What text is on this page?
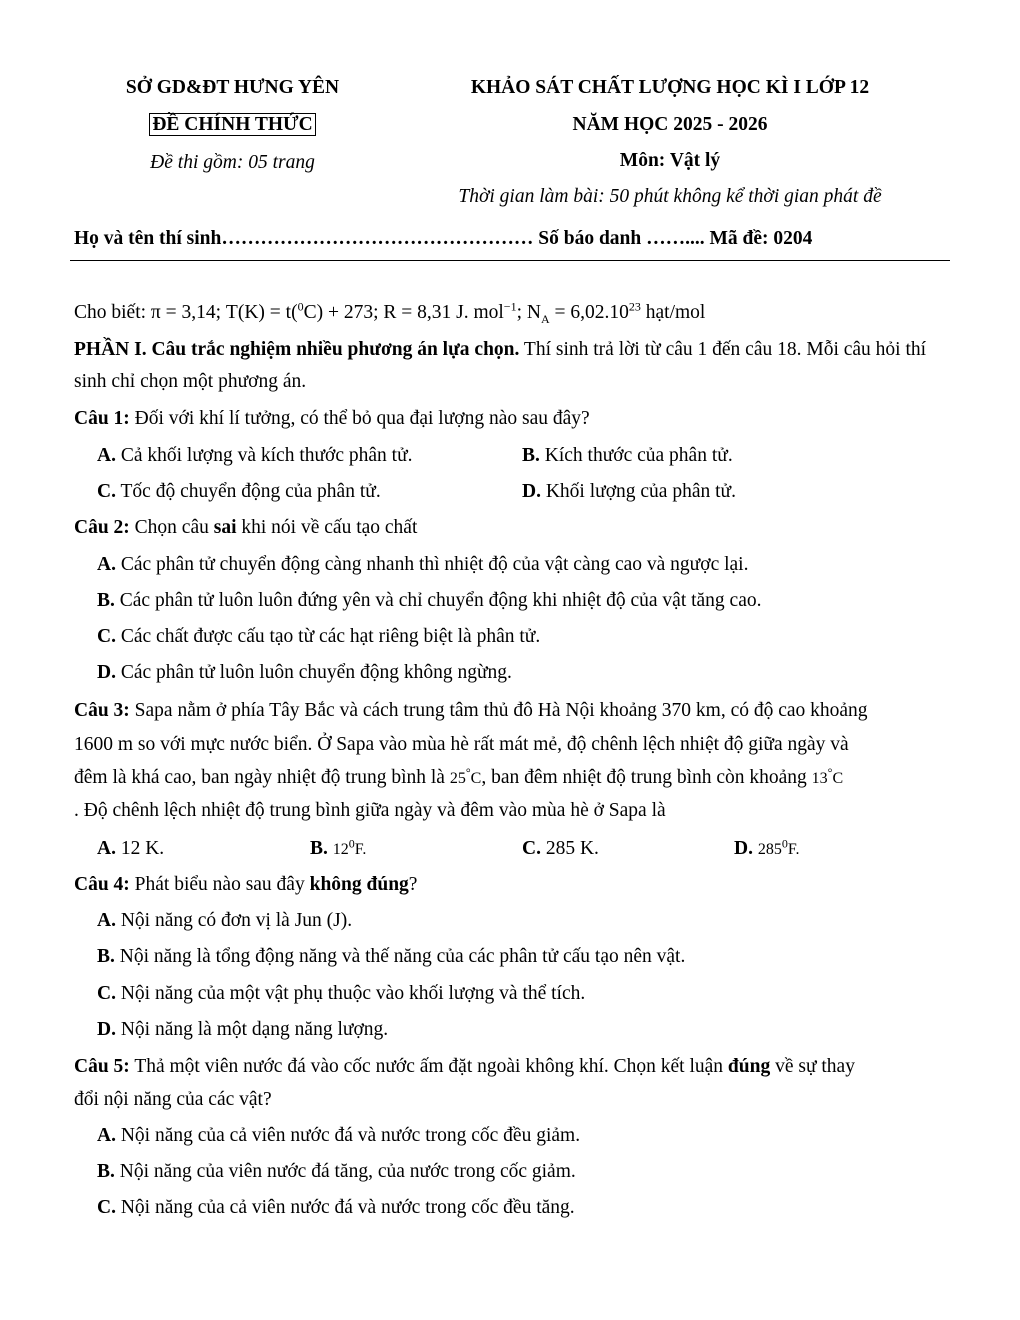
SỞ GD&ĐT HƯNG YÊN
ĐỀ CHÍNH THỨC
Đề thi gồm: 05 trang
KHẢO SÁT CHẤT LƯỢNG HỌC KÌ I LỚP 12
NĂM HỌC 2025 - 2026
Môn: Vật lý
Thời gian làm bài: 50 phút không kể thời gian phát đề
Họ và tên thí sinh………………………………………… Số báo danh …….... Mã đề: 0204
Cho biết: π = 3,14; T(K) = t($^0$C) + 273; R = 8,31 J. mol$^{-1}$; $N_A = 6,02.10^{23}$ hạt/mol
PHẦN I. Câu trắc nghiệm nhiều phương án lựa chọn. Thí sinh trả lời từ câu 1 đến câu 18. Mỗi câu hỏi thí sinh chỉ chọn một phương án.
Câu 1: Đối với khí lí tưởng, có thể bỏ qua đại lượng nào sau đây?
A. Cả khối lượng và kích thước phân tử.	B. Kích thước của phân tử.
C. Tốc độ chuyển động của phân tử.	D. Khối lượng của phân tử.
Câu 2: Chọn câu sai khi nói về cấu tạo chất
A. Các phân tử chuyển động càng nhanh thì nhiệt độ của vật càng cao và ngược lại.
B. Các phân tử luôn luôn đứng yên và chỉ chuyển động khi nhiệt độ của vật tăng cao.
C. Các chất được cấu tạo từ các hạt riêng biệt là phân tử.
D. Các phân tử luôn luôn chuyển động không ngừng.
Câu 3: Sapa nằm ở phía Tây Bắc và cách trung tâm thủ đô Hà Nội khoảng 370 km, có độ cao khoảng
1600 m so với mực nước biển. Ở Sapa vào mùa hè rất mát mẻ, độ chênh lệch nhiệt độ giữa ngày và
đêm là khá cao, ban ngày nhiệt độ trung bình là 25°C, ban đêm nhiệt độ trung bình còn khoảng 13°C
. Độ chênh lệch nhiệt độ trung bình giữa ngày và đêm vào mùa hè ở Sapa là
A. 12 K.	B. $12^0F$.	C. 285 K.	D. $285^0F$.
Câu 4: Phát biểu nào sau đây không đúng?
A. Nội năng có đơn vị là Jun (J).
B. Nội năng là tổng động năng và thế năng của các phân tử cấu tạo nên vật.
C. Nội năng của một vật phụ thuộc vào khối lượng và thể tích.
D. Nội năng là một dạng năng lượng.
Câu 5: Thả một viên nước đá vào cốc nước ấm đặt ngoài không khí. Chọn kết luận đúng về sự thay
đổi nội năng của các vật?
A. Nội năng của cả viên nước đá và nước trong cốc đều giảm.
B. Nội năng của viên nước đá tăng, của nước trong cốc giảm.
C. Nội năng của cả viên nước đá và nước trong cốc đều tăng.
